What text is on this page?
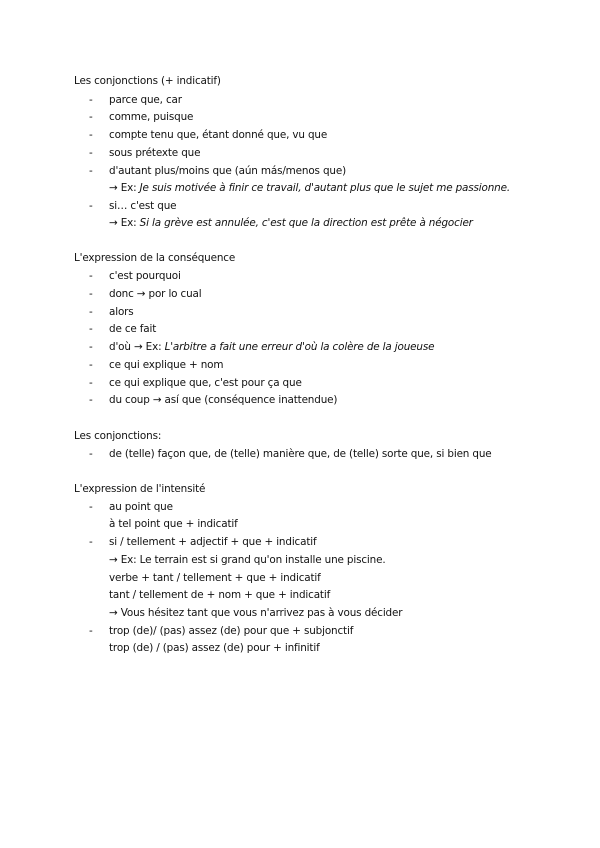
Les conjonctions (+ indicatif)
- parce que, car
- comme, puisque
- compte tenu que, étant donné que, vu que
- sous prétexte que
- d'autant plus/moins que (aún más/menos que)
→ Ex: Je suis motivée à finir ce travail, d'autant plus que le sujet me passionne.
- si… c'est que
→ Ex: Si la grève est annulée, c'est que la direction est prête à négocier
L'expression de la conséquence
- c'est pourquoi
- donc → por lo cual
- alors
- de ce fait
- d'où → Ex: L'arbitre a fait une erreur d'où la colère de la joueuse
- ce qui explique + nom
- ce qui explique que, c'est pour ça que
- du coup → así que (conséquence inattendue)
Les conjonctions:
- de (telle) façon que, de (telle) manière que, de (telle) sorte que, si bien que
L'expression de l'intensité
- au point que
à tel point que + indicatif
- si / tellement + adjectif + que + indicatif
→ Ex: Le terrain est si grand qu'on installe une piscine.
verbe + tant / tellement + que + indicatif
tant / tellement de + nom + que + indicatif
→ Vous hésitez tant que vous n'arrivez pas à vous décider
- trop (de)/ (pas) assez (de) pour que + subjonctif
trop (de) / (pas) assez (de) pour + infinitif
